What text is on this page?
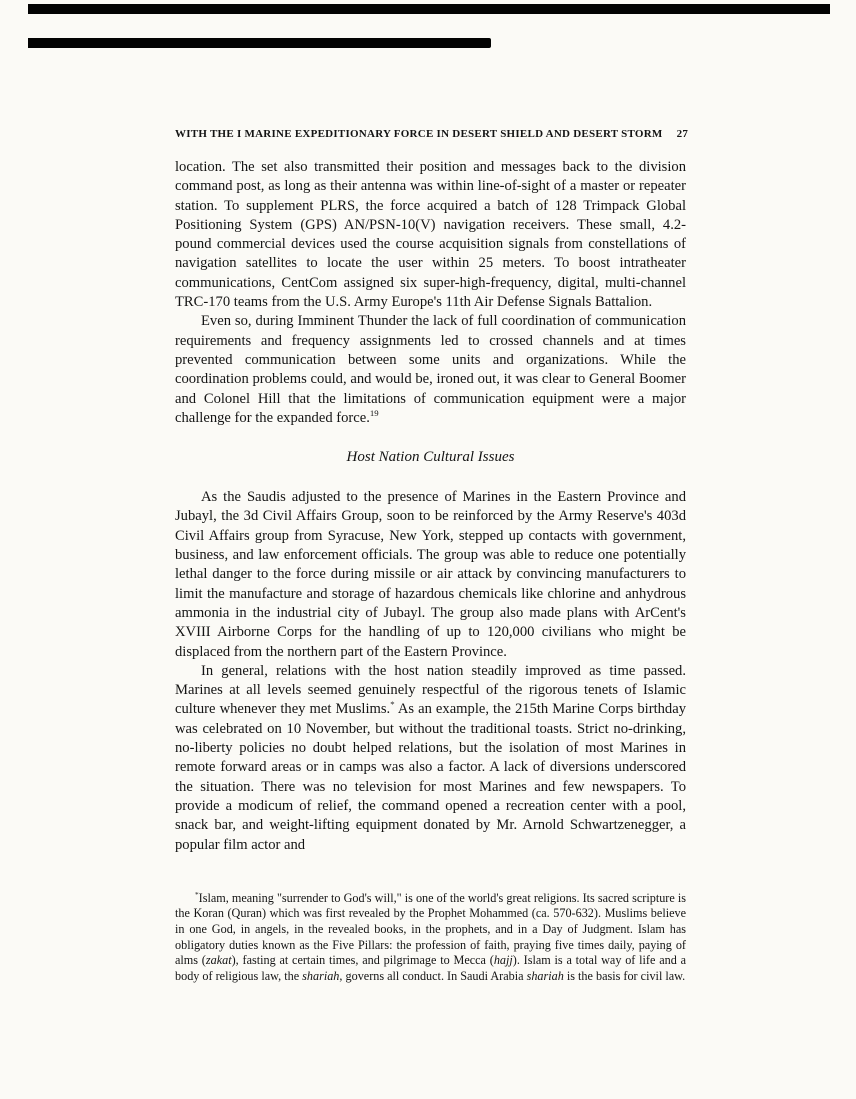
WITH THE I MARINE EXPEDITIONARY FORCE IN DESERT SHIELD AND DESERT STORM	27

location. The set also transmitted their position and messages back to the division command post, as long as their antenna was within line-of-sight of a master or repeater station. To supplement PLRS, the force acquired a batch of 128 Trimpack Global Positioning System (GPS) AN/PSN-10(V) navigation receivers. These small, 4.2-pound commercial devices used the course acquisition signals from constellations of navigation satellites to locate the user within 25 meters. To boost intratheater communications, CentCom assigned six super-high-frequency, digital, multi-channel TRC-170 teams from the U.S. Army Europe's 11th Air Defense Signals Battalion.

Even so, during Imminent Thunder the lack of full coordination of communication requirements and frequency assignments led to crossed channels and at times prevented communication between some units and organizations. While the coordination problems could, and would be, ironed out, it was clear to General Boomer and Colonel Hill that the limitations of communication equipment were a major challenge for the expanded force.$^{19}$

Host Nation Cultural Issues

As the Saudis adjusted to the presence of Marines in the Eastern Province and Jubayl, the 3d Civil Affairs Group, soon to be reinforced by the Army Reserve's 403d Civil Affairs group from Syracuse, New York, stepped up contacts with government, business, and law enforcement officials. The group was able to reduce one potentially lethal danger to the force during missile or air attack by convincing manufacturers to limit the manufacture and storage of hazardous chemicals like chlorine and anhydrous ammonia in the industrial city of Jubayl. The group also made plans with ArCent's XVIII Airborne Corps for the handling of up to 120,000 civilians who might be displaced from the northern part of the Eastern Province.

In general, relations with the host nation steadily improved as time passed. Marines at all levels seemed genuinely respectful of the rigorous tenets of Islamic culture whenever they met Muslims.* As an example, the 215th Marine Corps birthday was celebrated on 10 November, but without the traditional toasts. Strict no-drinking, no-liberty policies no doubt helped relations, but the isolation of most Marines in remote forward areas or in camps was also a factor. A lack of diversions underscored the situation. There was no television for most Marines and few newspapers. To provide a modicum of relief, the command opened a recreation center with a pool, snack bar, and weight-lifting equipment donated by Mr. Arnold Schwartzenegger, a popular film actor and

*Islam, meaning "surrender to God's will," is one of the world's great religions. Its sacred scripture is the Koran (Quran) which was first revealed by the Prophet Mohammed (ca. 570-632). Muslims believe in one God, in angels, in the revealed books, in the prophets, and in a Day of Judgment. Islam has obligatory duties known as the Five Pillars: the profession of faith, praying five times daily, paying of alms (zakat), fasting at certain times, and pilgrimage to Mecca (hajj). Islam is a total way of life and a body of religious law, the shariah, governs all conduct. In Saudi Arabia shariah is the basis for civil law.
